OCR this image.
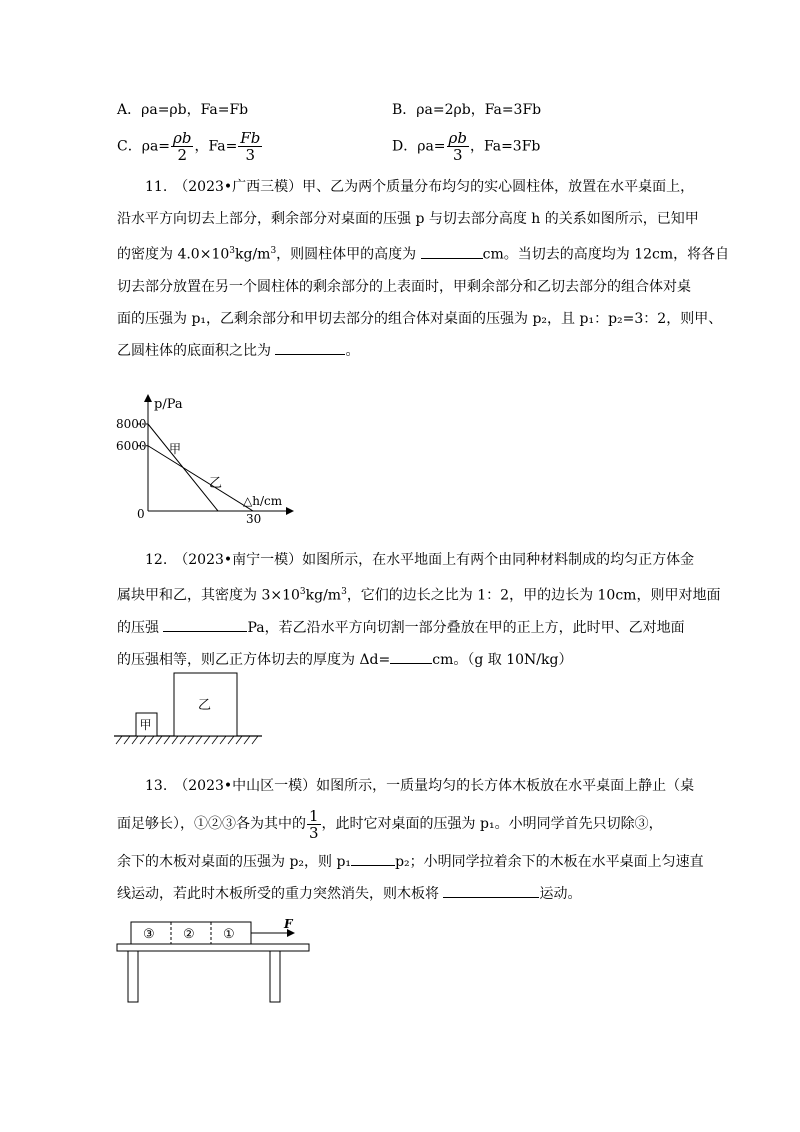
A．ρa=ρb，Fa=Fb	B．ρa=2ρb，Fa=3Fb
C．$\rho a= \frac{\rho b}{2}$ ，$Fa= \frac{Fb}{3}$	D．$\rho a= \frac{\rho b}{3}$ ，Fa=3Fb
11.　（2023•广西三模）甲、乙为两个质量分布均匀的实心圆柱体，放置在水平桌面上，
沿水平方向切去上部分，剩余部分对桌面的压强 p 与切去部分高度 h 的关系如图所示，已知甲
的密度为 $4.0\times 10^3kg/m^3$，则圆柱体甲的高度为	cm。当切去的高度均为 12cm，将各自
切去部分放置在另一个圆柱体的剩余部分的上表面时，甲剩余部分和乙切去部分的组合体对桌
面的压强为 p₁，乙剩余部分和甲切去部分的组合体对桌面的压强为 p₂，且 p₁：p₂=3：2，则甲、
乙圆柱体的底面积之比为	。
8000
6000
0	30
p/Pa
△h/cm
甲
乙
12.　（2023•南宁一模）如图所示，在水平地面上有两个由同种材料制成的均匀正方体金
属块甲和乙，其密度为 $3\times 10^3kg/m^3$，它们的边长之比为 1：2，甲的边长为 10cm，则甲对地面
的压强	Pa，若乙沿水平方向切割一部分叠放在甲的正上方，此时甲、乙对地面
的压强相等，则乙正方体切去的厚度为 Δd=	cm。（g 取 10N/kg）
甲
乙
13.　（2023•中山区一模）如图所示，一质量均匀的长方体木板放在水平桌面上静止（桌
面足够长），①②③各为其中的 $\frac{1}{3}$ ，此时它对桌面的压强为 p₁。小明同学首先只切除③，
余下的木板对桌面的压强为 p₂，则 p₁	p₂；小明同学拉着余下的木板在水平桌面上匀速直
线运动，若此时木板所受的重力突然消失，则木板将	运动。
③ ② ①
F
